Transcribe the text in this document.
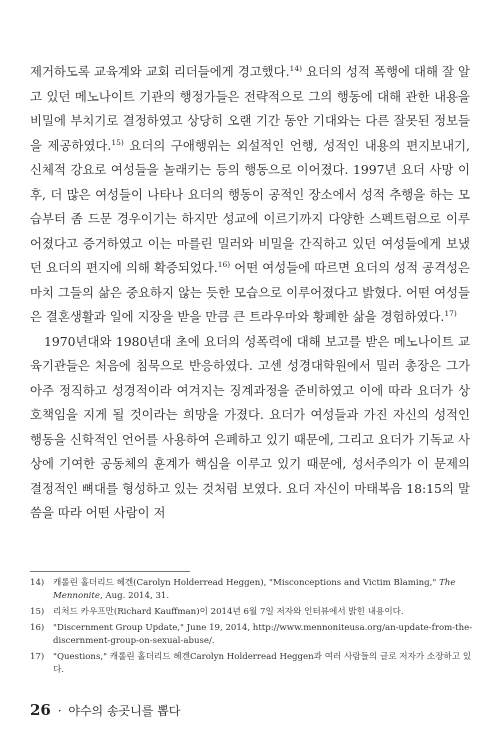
제거하도록 교육계와 교회 리더들에게 경고했다.$^{14)}$ 요더의 성적 폭행에 대해 잘 알고 있던 메노나이트 기관의 행정가들은 전략적으로 그의 행동에 대해 관한 내용을 비밀에 부치기로 결정하였고 상당히 오랜 기간 동안 기대와는 다른 잘못된 정보들을 제공하였다.$^{15)}$ 요더의 구애행위는 외설적인 언행, 성적인 내용의 편지보내기, 신체적 강요로 여성들을 놀래키는 등의 행동으로 이어졌다. 1997년 요더 사망 이후, 더 많은 여성들이 나타나 요더의 행동이 공적인 장소에서 성적 추행을 하는 모습부터 좀 드문 경우이기는 하지만 성교에 이르기까지 다양한 스펙트럼으로 이루어졌다고 증거하였고 이는 마를린 밀러와 비밀을 간직하고 있던 여성들에게 보냈던 요더의 편지에 의해 확증되었다.$^{16)}$ 어떤 여성들에 따르면 요더의 성적 공격성은 마치 그들의 삶은 중요하지 않는 듯한 모습으로 이루어졌다고 밝혔다. 어떤 여성들은 결혼생활과 일에 지장을 받을 만큼 큰 트라우마와 황폐한 삶을 경험하였다.$^{17)}$

1970년대와 1980년대 초에 요더의 성폭력에 대해 보고를 받은 메노나이트 교육기관들은 처음에 침묵으로 반응하였다. 고센 성경대학원에서 밀러 총장은 그가 아주 정직하고 성경적이라 여겨지는 징계과정을 준비하였고 이에 따라 요더가 상호책임을 지게 될 것이라는 희망을 가졌다. 요더가 여성들과 가진 자신의 성적인 행동을 신학적인 언어를 사용하여 은폐하고 있기 때문에, 그리고 요더가 기독교 사상에 기여한 공동체의 훈계가 핵심을 이루고 있기 때문에, 성서주의가 이 문제의 결정적인 뼈대를 형성하고 있는 것처럼 보였다. 요더 자신이 마태복음 18:15의 말씀을 따라 어떤 사람이 저

14)	캐롤린 홀더리드 헤겐(Carolyn Holderread Heggen), "Misconceptions and Victim Blaming," The Mennonite, Aug. 2014, 31.
15)	리처드 카우프만(Richard Kauffman)이 2014년 6월 7일 저자와 인터뷰에서 밝힌 내용이다.
16)	"Discernment Group Update," June 19, 2014, http://www.mennoniteusa.org/an-update-from-the-discernment-group-on-sexual-abuse/.
17)	"Questions," 캐롤린 홀더리드 헤겐Carolyn Holderread Heggen과 여러 사람들의 글로 저자가 소장하고 있다.
26 · 야수의 송곳니를 뽑다
